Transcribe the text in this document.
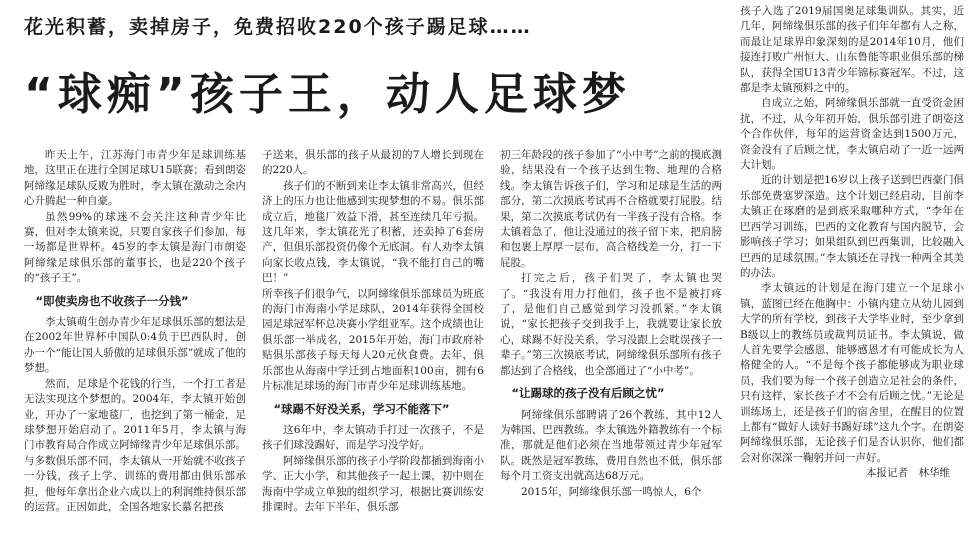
花光积蓄，卖掉房子，免费招收220个孩子踢足球……
“球痴”孩子王，动人足球梦

昨天上午，江苏海门市青少年足球训练基地，这里正在进行全国足球U15联赛；看到朗姿阿缔缘足球队反败为胜时，李太镇在激动之余内心升腾起一种自豪。

虽然99%的球迷不会关注这种青少年比赛，但对李太镇来说，只要自家孩子们参加，每一场都是世界杯。45岁的李太镇是海门市朗姿阿缔缘足球俱乐部的董事长，也是220个孩子的“孩子王”。

“即使卖房也不收孩子一分钱”

李太镇萌生创办青少年足球俱乐部的想法是在2002年世界杯中国队0:4负于巴西队时，创办一个“能让国人骄傲的足球俱乐部”就成了他的梦想。

然而，足球是个花钱的行当，一个打工者是无法实现这个梦想的。2004年，李太镇开始创业，开办了一家地毯厂，也挖到了第一桶金，足球梦想开始启动了。2011年5月，李太镇与海门市教育局合作成立阿缔缘青少年足球俱乐部。与多数俱乐部不同，李太镇从一开始就不收孩子一分钱，孩子上学、训练的费用都由俱乐部承担，他每年拿出企业六成以上的利润维持俱乐部的运营。正因如此，全国各地家长慕名把孩

子送来，俱乐部的孩子从最初的7人增长到现在的220人。

孩子们的不断到来让李太镇非常高兴，但经济上的压力也让他感到实现梦想的不易。俱乐部成立后，地毯厂效益下滑，甚至连续几年亏损。这几年来，李太镇花光了积蓄，还卖掉了6套房产，但俱乐部投资仍像个无底洞。有人劝李太镇向家长收点钱，李太镇说，“我不能打自己的嘴巴！”

所幸孩子们很争气，以阿缔缘俱乐部球员为班底的海门市海南小学足球队，2014年获得全国校园足球冠军杯总决赛小学组亚军。这个成绩也让俱乐部一举成名，2015年开始，海门市政府补贴俱乐部孩子每天每人20元伙食费。去年，俱乐部也从海南中学迁到占地面积100亩，拥有6片标准足球场的海门市青少年足球训练基地。

“球踢不好没关系，学习不能落下”

这6年中，李太镇动手打过一次孩子，不是孩子们球没踢好，而是学习没学好。

阿缔缘俱乐部的孩子小学阶段都插到海南小学、正大小学，和其他孩子一起上课，初中则在海南中学成立单独的组织学习，根据比赛训练安排课时。去年下半年，俱乐部

初三年龄段的孩子参加了“小中考”之前的摸底测验，结果没有一个孩子达到生物、地理的合格线。李太镇告诉孩子们，学习和足球是生活的两部分，第二次摸底考试再不合格就要打屁股。结果，第二次摸底考试仍有一半孩子没有合格。李太镇着急了，他让没通过的孩子留下来，把肩膀和包裹上厚厚一层布，高合格线差一分，打一下屁股。

打完之后，孩子们哭了，李太镇也哭了。“我没有用力打他们，孩子也不是被打疼了，是他们自己感觉到学习没抓紧。”李太镇说，“家长把孩子交到我手上，我就要让家长放心，球踢不好没关系，学习没跟上会耽误孩子一辈子。”第三次摸底考试，阿缔缘俱乐部所有孩子都达到了合格线，也全部通过了“小中考”。

“让踢球的孩子没有后顾之忧”

阿缔缘俱乐部聘请了26个教练，其中12人为韩国、巴西教练。李太镇选外籍教练有一个标准，那就是他们必须在当地带领过青少年冠军队。既然是冠军教练，费用自然也不低，俱乐部每个月工资支出就高达68万元。

2015年，阿缔缘俱乐部一鸣惊人，6个

孩子入选了2019届国奥足球集训队。其实，近几年，阿缔缘俱乐部的孩子们年年都有人之称，而最让足球界印象深刻的是2014年10月，他们接连打败广州恒大、山东鲁能等职业俱乐部的梯队，获得全国U13青少年锦标赛冠军。不过，这都是李太镇预料之中的。

自成立之始，阿缔缘俱乐部就一直受资金困扰，不过，从今年初开始，俱乐部引进了朗姿这个合作伙伴，每年的运营资金达到1500万元，资金没有了后顾之忧，李太镇启动了一近一远两大计划。

近的计划是把16岁以上孩子送到巴西豪门俱乐部免费塞罗深造。这个计划已经启动，目前李太镇正在琢磨的是到底采取哪种方式，“李年在巴西学习训练，巴西的文化教育与国内脱节，会影响孩子学习；如果组队到巴西集训，比较融入巴西的足球氛围。”李太镇还在寻找一种两全其美的办法。

李太镇远的计划是在海门建立一个足球小镇，蓝图已经在他胸中：小镇内建立从幼儿园到大学的所有学校，到孩子大学毕业时，至少拿到B级以上的教练员或裁判员证书。李太镇说，做人首先要学会感恩，能够感恩才有可能成长为人格健全的人。“不是每个孩子都能够成为职业球员，我们要为每一个孩子创造立足社会的条件，只有这样，家长孩子才不会有后顾之忧。”无论是训练场上，还是孩子们的宿舍里，在醒目的位置上都有“做好人读好书踢好球”这九个字。在朗姿阿缔缘俱乐部，无论孩子们是否认识你，他们都会对你深深一鞠躬并问一声好。

本报记者　林华维
